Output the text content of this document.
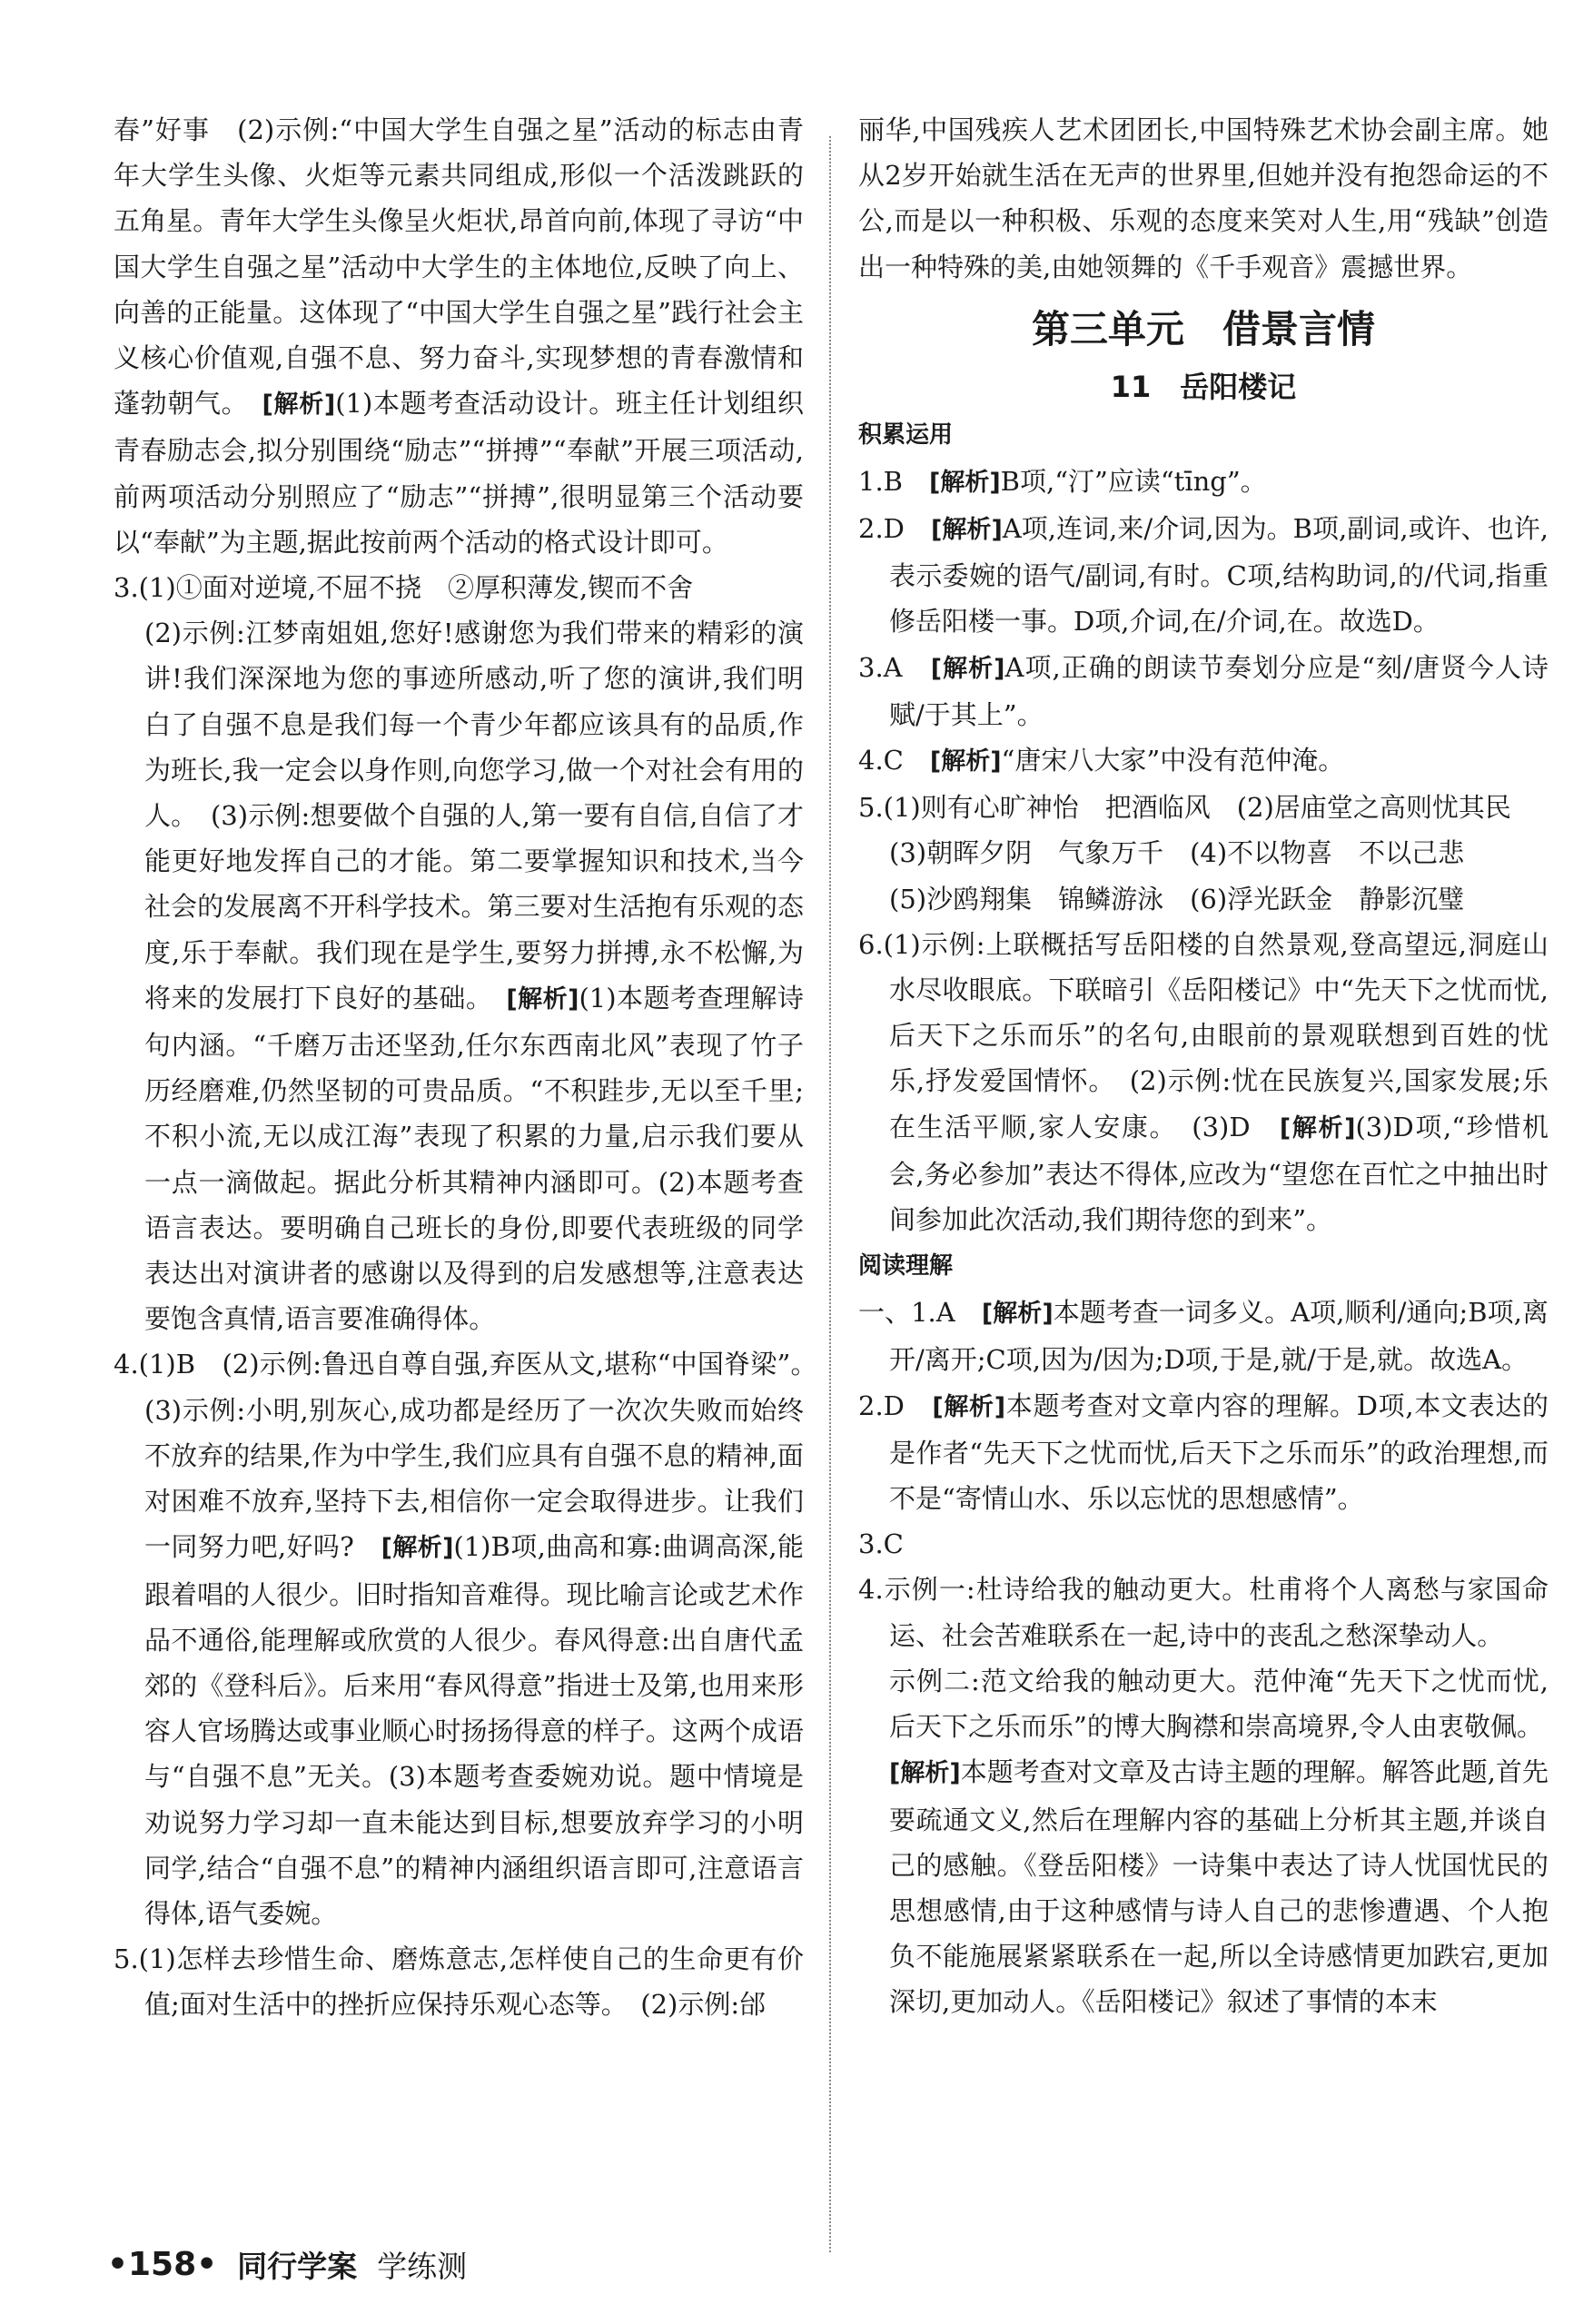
春”好事　(2)示例:“中国大学生自强之星”活动的标志由青年大学生头像、火炬等元素共同组成,形似一个活泼跳跃的五角星。青年大学生头像呈火炬状,昂首向前,体现了寻访“中国大学生自强之星”活动中大学生的主体地位,反映了向上、向善的正能量。这体现了“中国大学生自强之星”践行社会主义核心价值观,自强不息、努力奋斗,实现梦想的青春激情和蓬勃朝气。　[解析](1)本题考查活动设计。班主任计划组织青春励志会,拟分别围绕“励志”“拼搏”“奉献”开展三项活动,前两项活动分别照应了“励志”“拼搏”,很明显第三个活动要以“奉献”为主题,据此按前两个活动的格式设计即可。

3.(1)①面对逆境,不屈不挠　②厚积薄发,锲而不舍

(2)示例:江梦南姐姐,您好!感谢您为我们带来的精彩的演讲!我们深深地为您的事迹所感动,听了您的演讲,我们明白了自强不息是我们每一个青少年都应该具有的品质,作为班长,我一定会以身作则,向您学习,做一个对社会有用的人。　(3)示例:想要做个自强的人,第一要有自信,自信了才能更好地发挥自己的才能。第二要掌握知识和技术,当今社会的发展离不开科学技术。第三要对生活抱有乐观的态度,乐于奉献。我们现在是学生,要努力拼搏,永不松懈,为将来的发展打下良好的基础。　[解析](1)本题考查理解诗句内涵。“千磨万击还坚劲,任尔东西南北风”表现了竹子历经磨难,仍然坚韧的可贵品质。“不积跬步,无以至千里;不积小流,无以成江海”表现了积累的力量,启示我们要从一点一滴做起。据此分析其精神内涵即可。(2)本题考查语言表达。要明确自己班长的身份,即要代表班级的同学表达出对演讲者的感谢以及得到的启发感想等,注意表达要饱含真情,语言要准确得体。

4.(1)B　(2)示例:鲁迅自尊自强,弃医从文,堪称“中国脊梁”。　(3)示例:小明,别灰心,成功都是经历了一次次失败而始终不放弃的结果,作为中学生,我们应具有自强不息的精神,面对困难不放弃,坚持下去,相信你一定会取得进步。让我们一同努力吧,好吗?　[解析](1)B项,曲高和寡:曲调高深,能跟着唱的人很少。旧时指知音难得。现比喻言论或艺术作品不通俗,能理解或欣赏的人很少。春风得意:出自唐代孟郊的《登科后》。后来用“春风得意”指进士及第,也用来形容人官场腾达或事业顺心时扬扬得意的样子。这两个成语与“自强不息”无关。(3)本题考查委婉劝说。题中情境是劝说努力学习却一直未能达到目标,想要放弃学习的小明同学,结合“自强不息”的精神内涵组织语言即可,注意语言得体,语气委婉。

5.(1)怎样去珍惜生命、磨炼意志,怎样使自己的生命更有价值;面对生活中的挫折应保持乐观心态等。　(2)示例:邰

丽华,中国残疾人艺术团团长,中国特殊艺术协会副主席。她从2岁开始就生活在无声的世界里,但她并没有抱怨命运的不公,而是以一种积极、乐观的态度来笑对人生,用“残缺”创造出一种特殊的美,由她领舞的《千手观音》震撼世界。

第三单元　借景言情
11　岳阳楼记
积累运用

1.B　[解析]B项,“汀”应读“tīng”。

2.D　[解析]A项,连词,来/介词,因为。B项,副词,或许、也许,表示委婉的语气/副词,有时。C项,结构助词,的/代词,指重修岳阳楼一事。D项,介词,在/介词,在。故选D。

3.A　[解析]A项,正确的朗读节奏划分应是“刻/唐贤今人诗赋/于其上”。

4.C　[解析]“唐宋八大家”中没有范仲淹。

5.(1)则有心旷神怡　把酒临风　(2)居庙堂之高则忧其民

(3)朝晖夕阴　气象万千　(4)不以物喜　不以己悲

(5)沙鸥翔集　锦鳞游泳　(6)浮光跃金　静影沉璧

6.(1)示例:上联概括写岳阳楼的自然景观,登高望远,洞庭山水尽收眼底。下联暗引《岳阳楼记》中“先天下之忧而忧,后天下之乐而乐”的名句,由眼前的景观联想到百姓的忧乐,抒发爱国情怀。　(2)示例:忧在民族复兴,国家发展;乐在生活平顺,家人安康。　(3)D　[解析](3)D项,“珍惜机会,务必参加”表达不得体,应改为“望您在百忙之中抽出时间参加此次活动,我们期待您的到来”。

阅读理解

一、1.A　[解析]本题考查一词多义。A项,顺利/通向;B项,离开/离开;C项,因为/因为;D项,于是,就/于是,就。故选A。

2.D　[解析]本题考查对文章内容的理解。D项,本文表达的是作者“先天下之忧而忧,后天下之乐而乐”的政治理想,而不是“寄情山水、乐以忘忧的思想感情”。

3.C

4.示例一:杜诗给我的触动更大。杜甫将个人离愁与家国命运、社会苦难联系在一起,诗中的丧乱之愁深挚动人。

示例二:范文给我的触动更大。范仲淹“先天下之忧而忧,后天下之乐而乐”的博大胸襟和崇高境界,令人由衷敬佩。

[解析]本题考查对文章及古诗主题的理解。解答此题,首先要疏通文义,然后在理解内容的基础上分析其主题,并谈自己的感触。《登岳阳楼》一诗集中表达了诗人忧国忧民的思想感情,由于这种感情与诗人自己的悲惨遭遇、个人抱负不能施展紧紧联系在一起,所以全诗感情更加跌宕,更加深切,更加动人。《岳阳楼记》叙述了事情的本末

•158• 同行学案 学练测
